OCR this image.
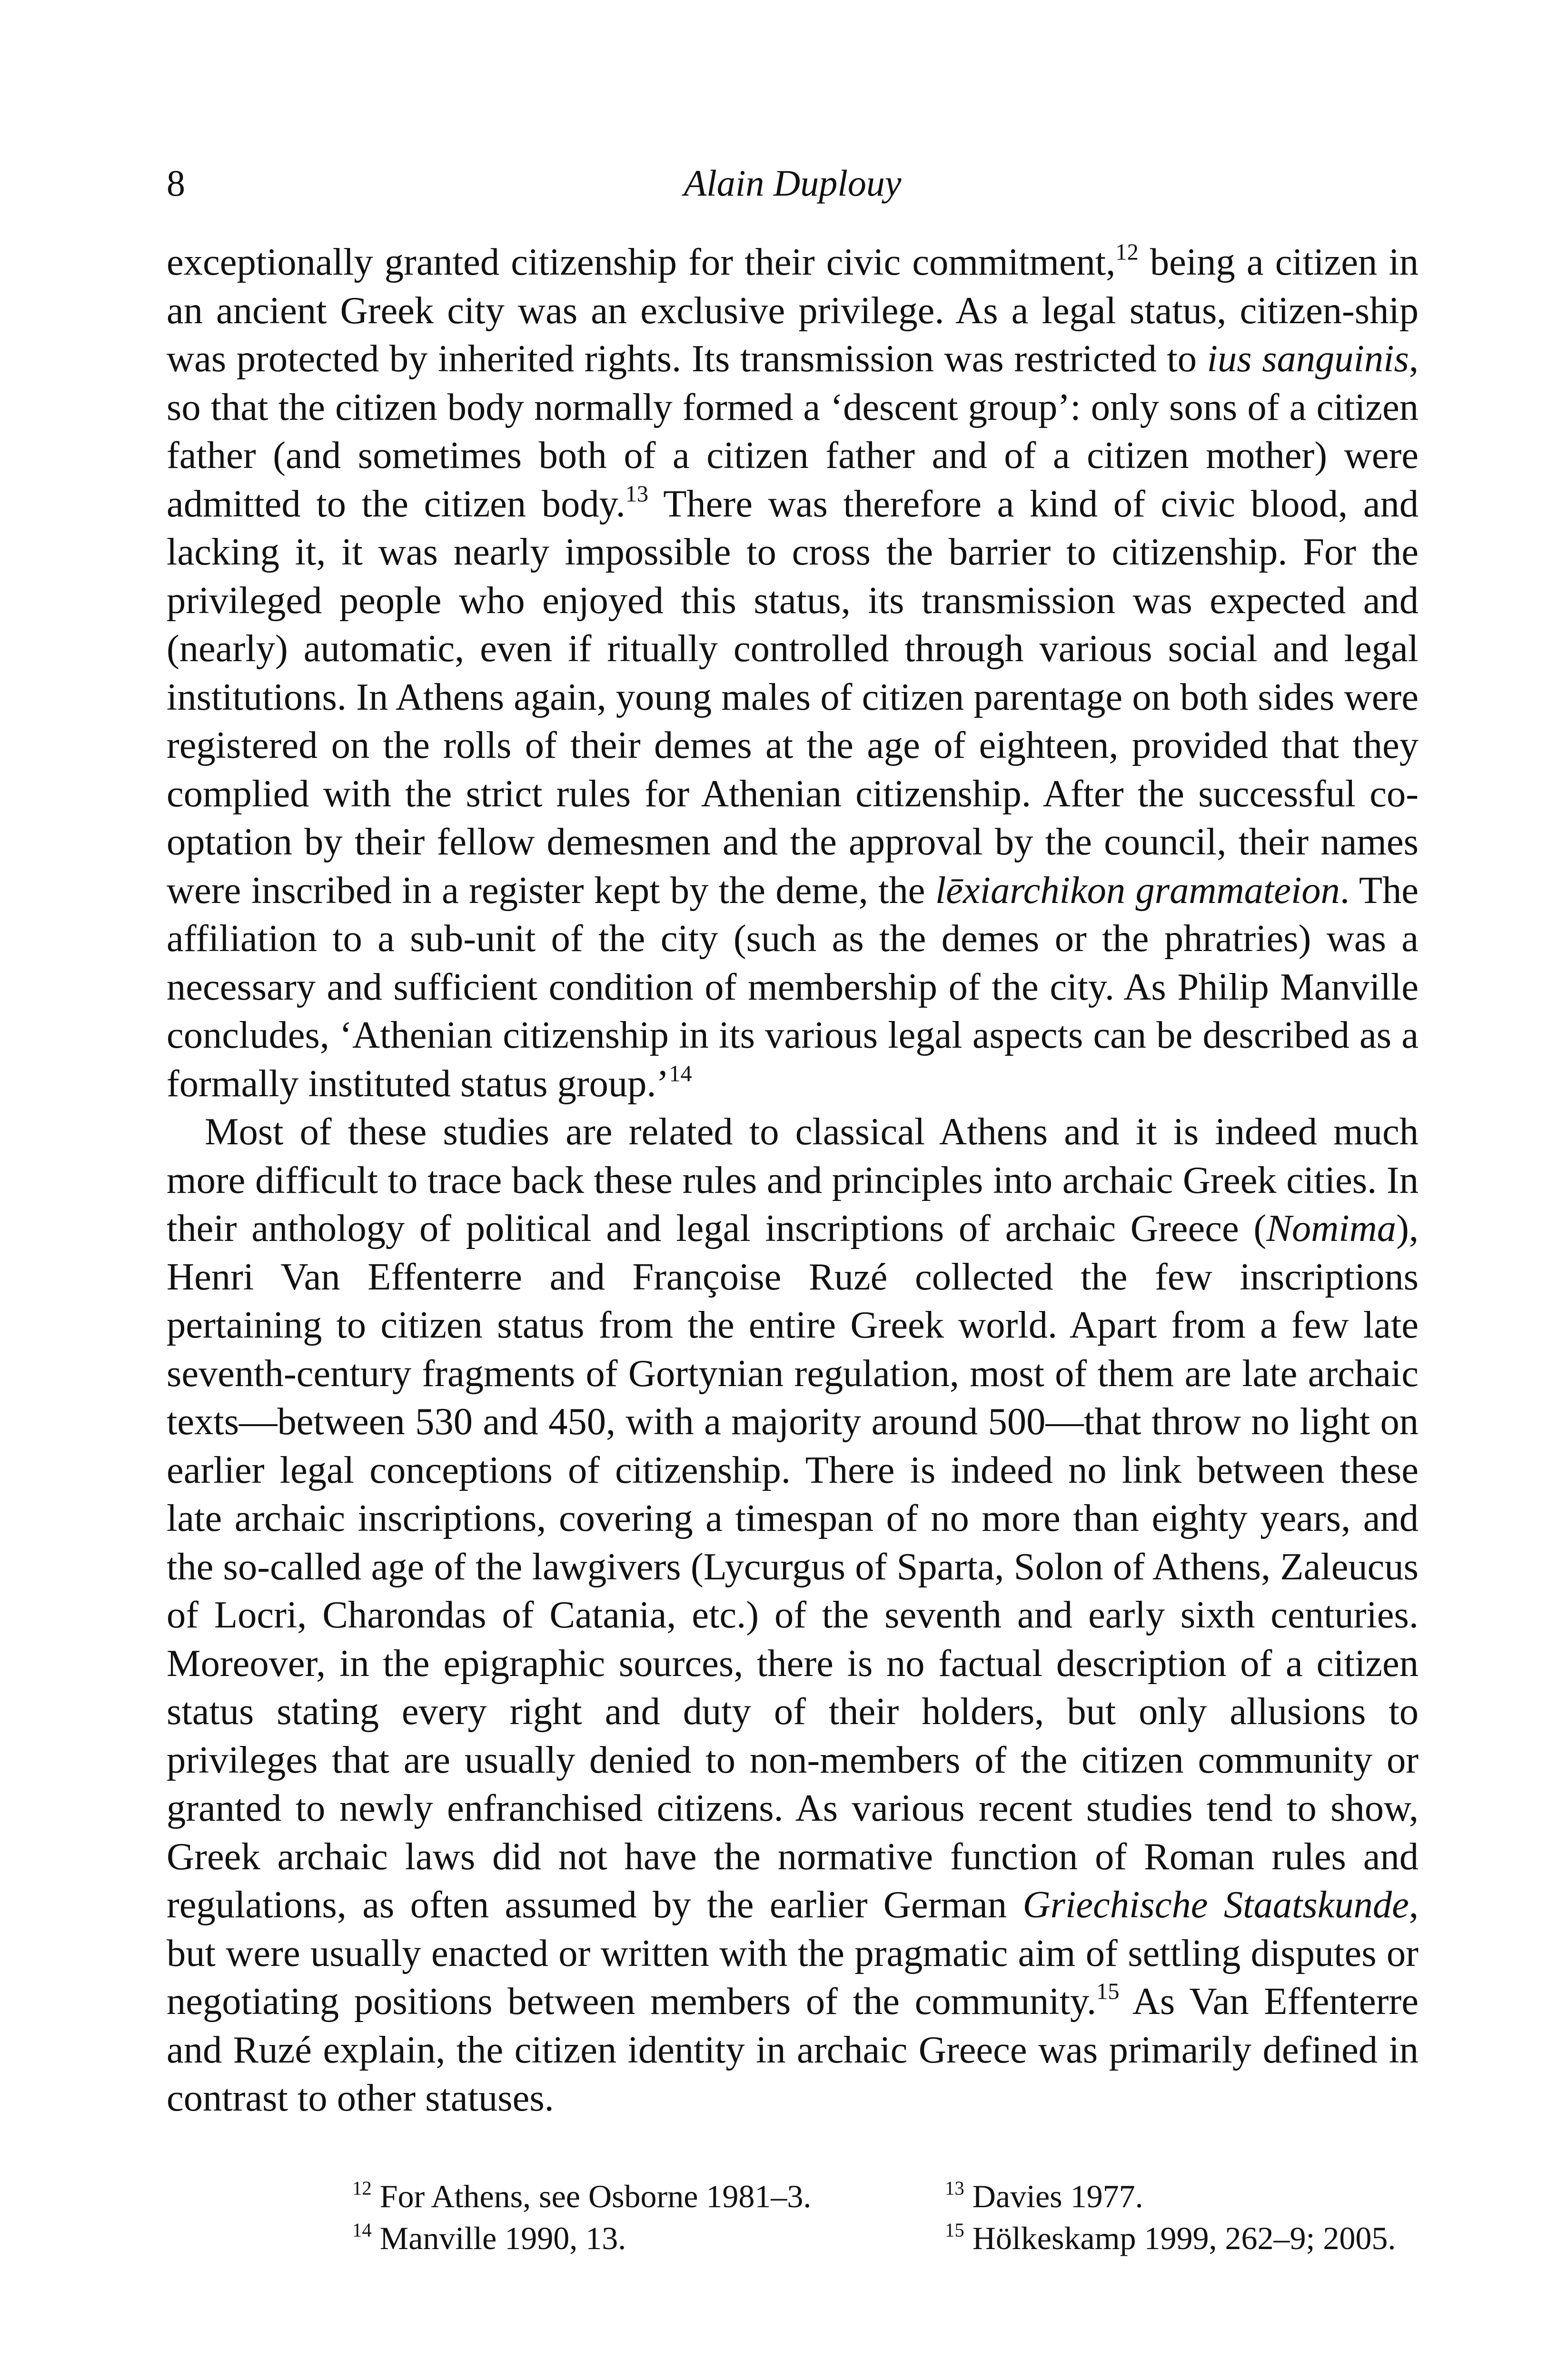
8	Alain Duplouy

exceptionally granted citizenship for their civic commitment,$^{12}$ being a citizen in an ancient Greek city was an exclusive privilege. As a legal status, citizen-ship was protected by inherited rights. Its transmission was restricted to ius sanguinis, so that the citizen body normally formed a ‘descent group’: only sons of a citizen father (and sometimes both of a citizen father and of a citizen mother) were admitted to the citizen body.$^{13}$ There was therefore a kind of civic blood, and lacking it, it was nearly impossible to cross the barrier to citizenship. For the privileged people who enjoyed this status, its transmission was expected and (nearly) automatic, even if ritually controlled through various social and legal institutions. In Athens again, young males of citizen parentage on both sides were registered on the rolls of their demes at the age of eighteen, provided that they complied with the strict rules for Athenian citizenship. After the successful co-optation by their fellow demesmen and the approval by the council, their names were inscribed in a register kept by the deme, the lēxiarchikon grammateion. The affiliation to a sub-unit of the city (such as the demes or the phratries) was a necessary and sufficient condition of membership of the city. As Philip Manville concludes, ‘Athenian citizenship in its various legal aspects can be described as a formally instituted status group.’$^{14}$

Most of these studies are related to classical Athens and it is indeed much more difficult to trace back these rules and principles into archaic Greek cities. In their anthology of political and legal inscriptions of archaic Greece (Nomima), Henri Van Effenterre and Françoise Ruzé collected the few inscriptions pertaining to citizen status from the entire Greek world. Apart from a few late seventh-century fragments of Gortynian regulation, most of them are late archaic texts—between 530 and 450, with a majority around 500—that throw no light on earlier legal conceptions of citizenship. There is indeed no link between these late archaic inscriptions, covering a timespan of no more than eighty years, and the so-called age of the lawgivers (Lycurgus of Sparta, Solon of Athens, Zaleucus of Locri, Charondas of Catania, etc.) of the seventh and early sixth centuries. Moreover, in the epigraphic sources, there is no factual description of a citizen status stating every right and duty of their holders, but only allusions to privileges that are usually denied to non-members of the citizen community or granted to newly enfranchised citizens. As various recent studies tend to show, Greek archaic laws did not have the normative function of Roman rules and regulations, as often assumed by the earlier German Griechische Staatskunde, but were usually enacted or written with the pragmatic aim of settling disputes or negotiating positions between members of the community.$^{15}$ As Van Effenterre and Ruzé explain, the citizen identity in archaic Greece was primarily defined in contrast to other statuses.

$^{12}$ For Athens, see Osborne 1981–3.	$^{13}$ Davies 1977.
$^{14}$ Manville 1990, 13.	$^{15}$ Hölkeskamp 1999, 262–9; 2005.
